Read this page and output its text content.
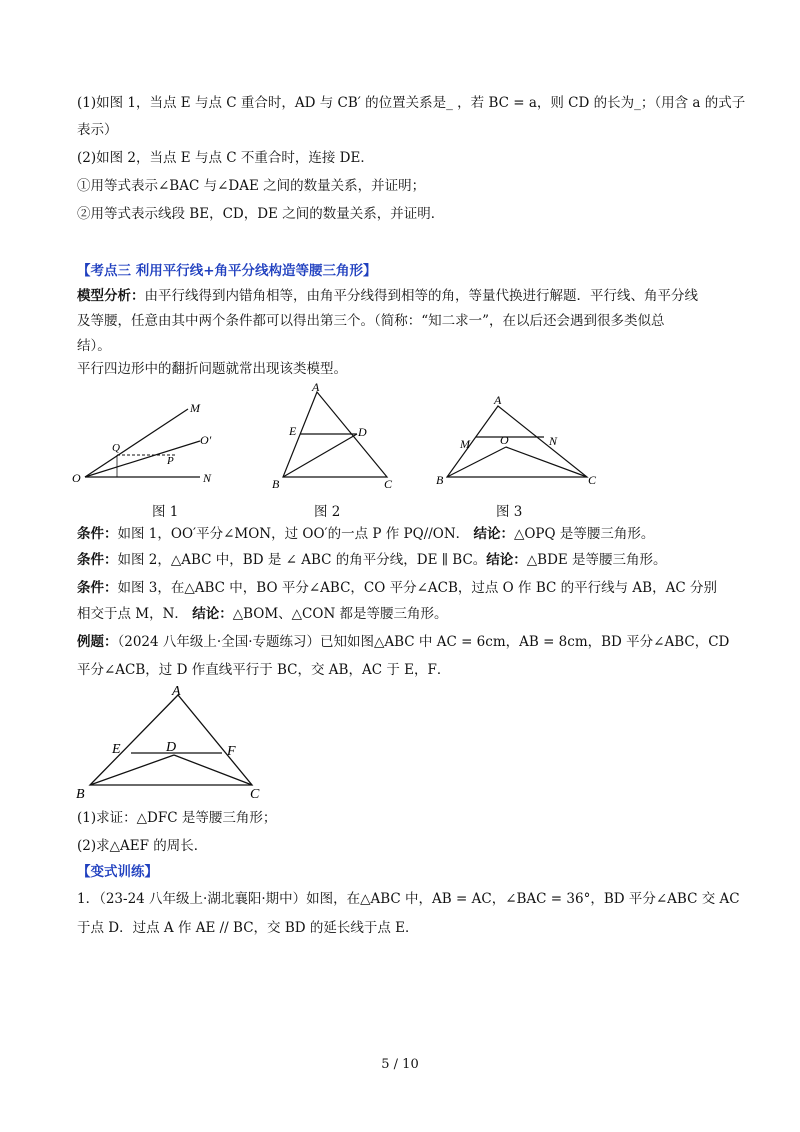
(1)如图 1，当点 E 与点 C 重合时，AD 与 CB′ 的位置关系是_ ，若 BC = a，则 CD 的长为_；（用含 a 的式子
表示）
(2)如图 2，当点 E 与点 C 不重合时，连接 DE．
①用等式表示∠BAC 与∠DAE 之间的数量关系，并证明；
②用等式表示线段 BE，CD，DE 之间的数量关系，并证明．
【考点三 利用平行线+角平分线构造等腰三角形】
模型分析：由平行线得到内错角相等，由角平分线得到相等的角，等量代换进行解题．平行线、角平分线
及等腰，任意由其中两个条件都可以得出第三个。（简称：“知二求一”，在以后还会遇到很多类似总
结）。
平行四边形中的翻折问题就常出现该类模型。
M
O′
Q
P
O	N
A
E	D
B	C
A
M	O	N
B	C
图 1	图 2	图 3
条件：如图 1，OO′平分∠MON，过 OO′的一点 P 作 PQ//ON． 结论：△OPQ 是等腰三角形。
条件：如图 2，△ABC 中，BD 是 ∠ ABC 的角平分线，DE ∥ BC。结论：△BDE 是等腰三角形。
条件：如图 3，在△ABC 中，BO 平分∠ABC，CO 平分∠ACB，过点 O 作 BC 的平行线与 AB，AC 分别
相交于点 M，N． 结论：△BOM、△CON 都是等腰三角形。
例题：（2024 八年级上·全国·专题练习）已知如图△ABC 中 AC = 6cm，AB = 8cm，BD 平分∠ABC，CD
平分∠ACB，过 D 作直线平行于 BC，交 AB，AC 于 E，F．
A
E	D	F
B	C
(1)求证：△DFC 是等腰三角形；
(2)求△AEF 的周长．
【变式训练】
1．（23-24 八年级上·湖北襄阳·期中）如图，在△ABC 中，AB = AC，∠BAC = 36°，BD 平分∠ABC 交 AC
于点 D．过点 A 作 AE // BC，交 BD 的延长线于点 E．
5 / 10
